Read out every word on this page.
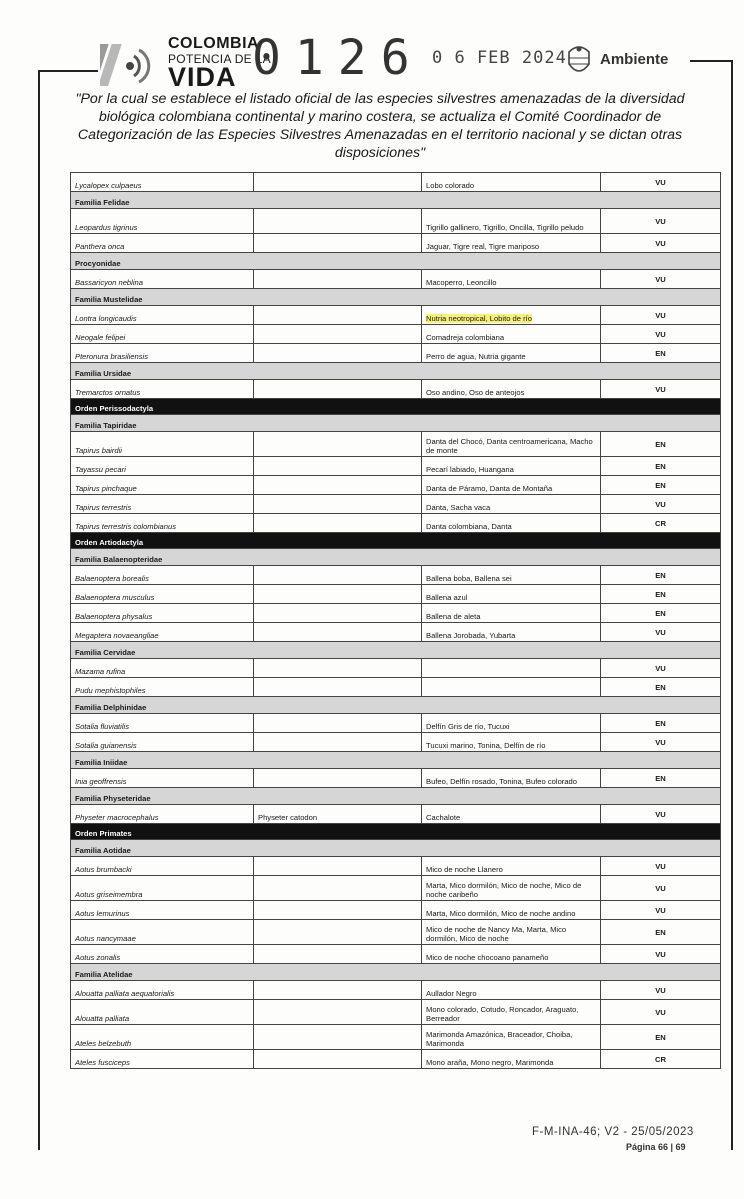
COLOMBIA
POTENCIA DE LA
VIDA 0126 0 6 FEB 2024 Ambiente
"Por la cual se establece el listado oficial de las especies silvestres amenazadas de la diversidad biológica colombiana continental y marino costera, se actualiza el Comité Coordinador de Categorización de las Especies Silvestres Amenazadas en el territorio nacional y se dictan otras disposiciones"
Lycalopex culpaeus		Lobo colorado	VU
Familia Felidae			
Leopardus tigrinus		Tigrillo gallinero, Tigrillo, Oncilla, Tigrillo peludo	VU
Panthera onca		Jaguar, Tigre real, Tigre mariposo	VU
Procyonidae			
Bassaricyon neblina		Macoperro, Leoncillo	VU
Familia Mustelidae			
Lontra longicaudis		Nutria neotropical, Lobito de río	VU
Neogale felipei		Comadreja colombiana	VU
Pteronura brasiliensis		Perro de agua, Nutria gigante	EN
Familia Ursidae			
Tremarctos ornatus		Oso andino, Oso de anteojos	VU
Orden Perissodactyla			
Familia Tapiridae			
Tapirus bairdii		Danta del Chocó, Danta centroamericana, Macho de monte	EN
Tayassu pecari		Pecarí labiado, Huangana	EN
Tapirus pinchaque		Danta de Páramo, Danta de Montaña	EN
Tapirus terrestris		Danta, Sacha vaca	VU
Tapirus terrestris colombianus		Danta colombiana, Danta	CR
Orden Artiodactyla			
Familia Balaenopteridae			
Balaenoptera borealis		Ballena boba, Ballena sei	EN
Balaenoptera musculus		Ballena azul	EN
Balaenoptera physalus		Ballena de aleta	EN
Megaptera novaeangliae		Ballena Jorobada, Yubarta	VU
Familia Cervidae			
Mazama rufina			VU
Pudu mephistophiles			EN
Familia Delphinidae			
Sotalia fluviatilis		Delfín Gris de río, Tucuxi	EN
Sotalia guianensis		Tucuxi marino, Tonina, Delfín de río	VU
Familia Iniidae			
Inia geoffrensis		Bufeo, Delfín rosado, Tonina, Bufeo colorado	EN
Familia Physeteridae			
Physeter macrocephalus	Physeter catodon	Cachalote	VU
Orden Primates			
Familia Aotidae			
Aotus brumbacki		Mico de noche Llanero	VU
Aotus griseimembra		Marta, Mico dormilón, Mico de noche, Mico de noche caribeño	VU
Aotus lemurinus		Marta, Mico dormilón, Mico de noche andino	VU
Aotus nancymaae		Mico de noche de Nancy Ma, Marta, Mico dormilón, Mico de noche	EN
Aotus zonalis		Mico de noche chocoano panameño	VU
Familia Atelidae			
Alouatta palliata aequatorialis		Aullador Negro	VU
Alouatta palliata		Mono colorado, Cotudo, Roncador, Araguato, Berreador	VU
Ateles belzebuth		Marimonda Amazónica, Braceador, Choiba, Marimonda	EN
Ateles fusciceps		Mono araña, Mono negro, Marimonda	CR
F-M-INA-46; V2 - 25/05/2023
Página 66 | 69
